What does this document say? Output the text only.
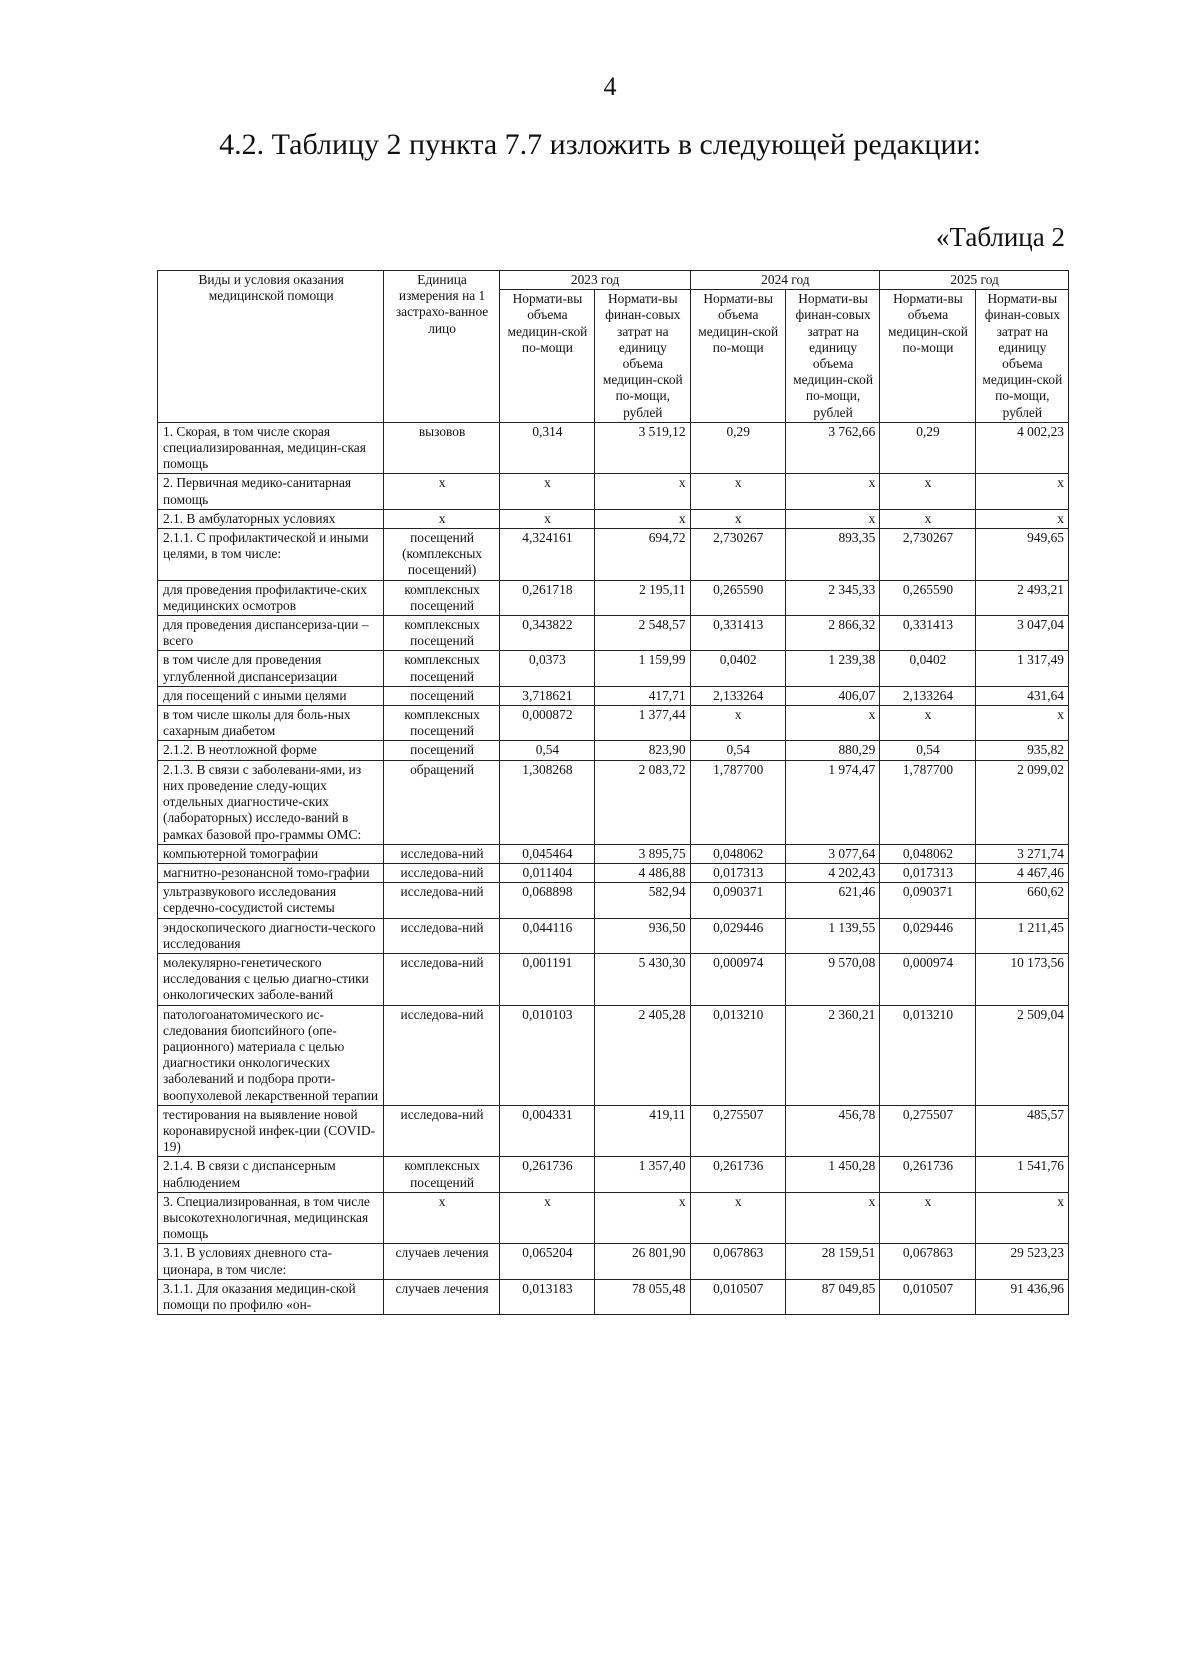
4
4.2. Таблицу 2 пункта 7.7 изложить в следующей редакции:
«Таблица 2
Виды и условия оказания медицинской помощи	Единица измерения на 1 застрахо-ванное лицо	2023 год		2024 год		2025 год	
		Нормати-вы объема медицин-ской по-мощи	Нормати-вы финан-совых затрат на единицу объема медицин-ской по-мощи, рублей	Нормати-вы объема медицин-ской по-мощи	Нормати-вы финан-совых затрат на единицу объема медицин-ской по-мощи, рублей	Нормати-вы объема медицин-ской по-мощи	Нормати-вы финан-совых затрат на единицу объема медицин-ской по-мощи, рублей
1. Скорая, в том числе скорая специализированная, медицин-ская помощь	вызовов	0,314	3 519,12	0,29	3 762,66	0,29	4 002,23
2. Первичная медико-санитарная помощь	x	x	x	x	x	x	x
2.1. В амбулаторных условиях	x	x	x	x	x	x	x
2.1.1. С профилактической и иными целями, в том числе:	посещений (комплексных посещений)	4,324161	694,72	2,730267	893,35	2,730267	949,65
для проведения профилактиче-ских медицинских осмотров	комплексных посещений	0,261718	2 195,11	0,265590	2 345,33	0,265590	2 493,21
для проведения диспансериза-ции – всего	комплексных посещений	0,343822	2 548,57	0,331413	2 866,32	0,331413	3 047,04
в том числе для проведения углубленной диспансеризации	комплексных посещений	0,0373	1 159,99	0,0402	1 239,38	0,0402	1 317,49
для посещений с иными целями	посещений	3,718621	417,71	2,133264	406,07	2,133264	431,64
в том числе школы для боль-ных сахарным диабетом	комплексных посещений	0,000872	1 377,44	x	x	x	x
2.1.2. В неотложной форме	посещений	0,54	823,90	0,54	880,29	0,54	935,82
2.1.3. В связи с заболевани-ями, из них проведение следу-ющих отдельных диагностиче-ских (лабораторных) исследо-ваний в рамках базовой про-граммы ОМС:	обращений	1,308268	2 083,72	1,787700	1 974,47	1,787700	2 099,02
компьютерной томографии	исследова-ний	0,045464	3 895,75	0,048062	3 077,64	0,048062	3 271,74
магнитно-резонансной томо-графии	исследова-ний	0,011404	4 486,88	0,017313	4 202,43	0,017313	4 467,46
ультразвукового исследования сердечно-сосудистой системы	исследова-ний	0,068898	582,94	0,090371	621,46	0,090371	660,62
эндоскопического диагности-ческого исследования	исследова-ний	0,044116	936,50	0,029446	1 139,55	0,029446	1 211,45
молекулярно-генетического исследования с целью диагно-стики онкологических заболе-ваний	исследова-ний	0,001191	5 430,30	0,000974	9 570,08	0,000974	10 173,56
патологоанатомического ис-следования биопсийного (опе-рационного) материала с целью диагностики онкологических заболеваний и подбора проти-воопухолевой лекарственной терапии	исследова-ний	0,010103	2 405,28	0,013210	2 360,21	0,013210	2 509,04
тестирования на выявление новой коронавирусной инфек-ции (COVID-19)	исследова-ний	0,004331	419,11	0,275507	456,78	0,275507	485,57
2.1.4. В связи с диспансерным наблюдением	комплексных посещений	0,261736	1 357,40	0,261736	1 450,28	0,261736	1 541,76
3. Специализированная, в том числе высокотехнологичная, медицинская помощь	x	x	x	x	x	x	x
3.1. В условиях дневного ста-ционара, в том числе:	случаев лечения	0,065204	26 801,90	0,067863	28 159,51	0,067863	29 523,23
3.1.1. Для оказания медицин-ской помощи по профилю «он-	случаев лечения	0,013183	78 055,48	0,010507	87 049,85	0,010507	91 436,96
